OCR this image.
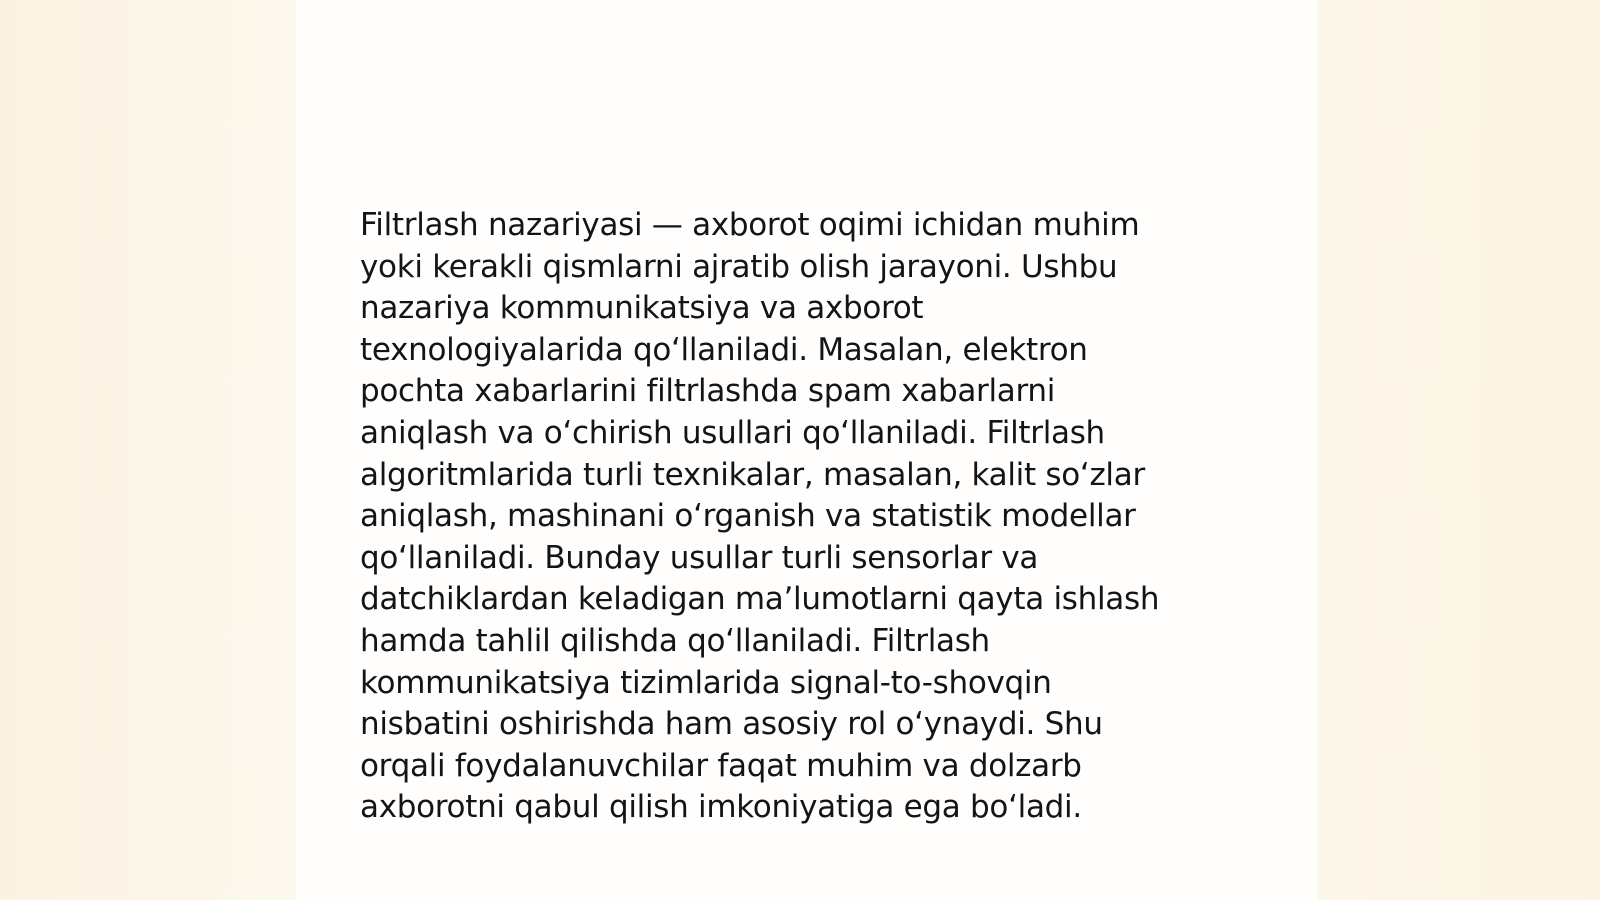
Filtrlash nazariyasi — axborot oqimi ichidan muhim
yoki kerakli qismlarni ajratib olish jarayoni. Ushbu
nazariya kommunikatsiya va axborot
texnologiyalarida qoʻllaniladi. Masalan, elektron
pochta xabarlarini filtrlashda spam xabarlarni
aniqlash va oʻchirish usullari qoʻllaniladi. Filtrlash
algoritmlarida turli texnikalar, masalan, kalit soʻzlar
aniqlash, mashinani oʻrganish va statistik modellar
qoʻllaniladi. Bunday usullar turli sensorlar va
datchiklardan keladigan maʼlumotlarni qayta ishlash
hamda tahlil qilishda qoʻllaniladi. Filtrlash
kommunikatsiya tizimlarida signal-to-shovqin
nisbatini oshirishda ham asosiy rol oʻynaydi. Shu
orqali foydalanuvchilar faqat muhim va dolzarb
axborotni qabul qilish imkoniyatiga ega boʻladi.
